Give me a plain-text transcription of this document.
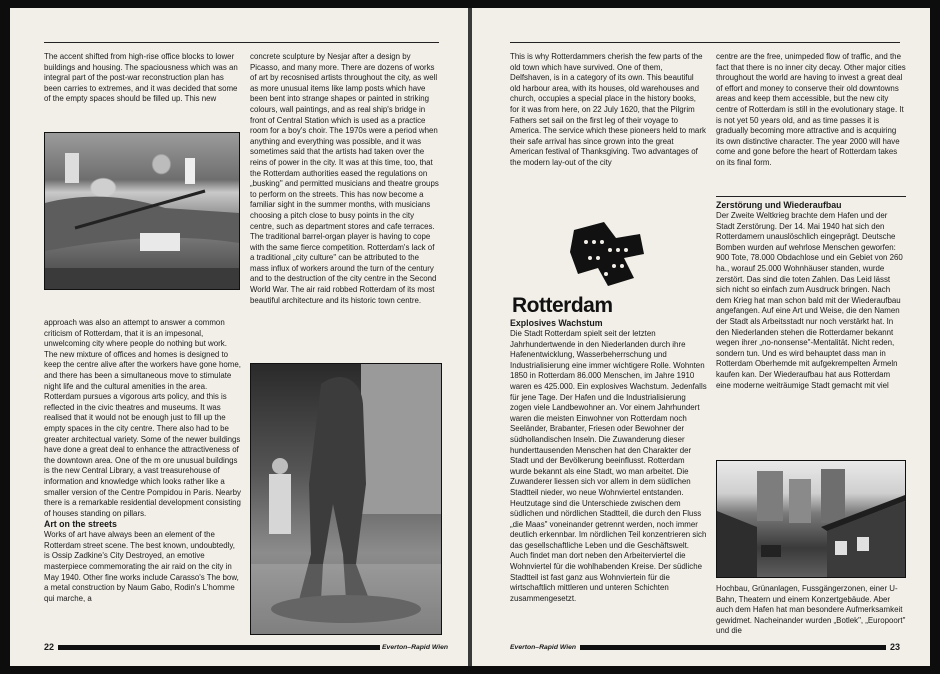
The accent shifted from high-rise office blocks to lower buildings and housing. The spaciousness which was an integral part of the post-war reconstruction plan has been carries to extremes, and it was decided that some of the empty spaces should be filled up. This new

approach was also an attempt to answer a common criticism of Rotterdam, that it is an impesonal, unwelcoming city where people do nothing but work. The new mixture of offices and homes is designed to keep the centre alive after the workers have gone home, and there has been a simultaneous move to stimulate night life and the cultural amenities in the area. Rotterdam pursues a vigorous arts policy, and this is reflected in the civic theatres and museums. It was realised that it would not be enough just to fill up the empty spaces in the city centre. There also had to be greater architectual variety. Some of the newer buildings have done a great deal to enhance the attractiveness of the downtown area. One of the m ore unusual buildings is the new Central Library, a vast treasurehouse of information and knowledge which looks rather like a smaller version of the Centre Pompidou in Paris. Nearby there is a remarkable residential development consisting of houses standing on pillars.

Art on the streets

Works of art have always been an element of the Rotterdam street scene. The best known, undoubtedly, is Ossip Zadkine's City Destroyed, an emotive masterpiece commemorating the air raid on the city in May 1940. Other fine works include Carasso's The bow, a metal construction by Naum Gabo, Rodin's L'homme qui marche, a

concrete sculpture by Nesjar after a design by Picasso, and many more. There are dozens of works of art by recosnised artists throughout the city, as well as more unusual items like lamp posts which have been bent into strange shapes or painted in striking colours, wall paintings, and as real ship's bridge in front of Central Station which is used as a practice room for a boy's choir. The 1970s were a period when anything and everything was possible, and it was sometimes said that the artists had taken over the reins of power in the city. It was at this time, too, that the Rotterdam authorities eased the regulations on „busking" and permitted musicians and theatre groups to perform on the streets. This has now become a familiar sight in the summer months, with musicians choosing a pitch close to busy points in the city centre, such as department stores and cafe terraces. The traditional barrel-organ player is having to cope with the same fierce competition. Rotterdam's lack of a traditional „city culture" can be attributed to the mass influx of workers around the turn of the century and to the destruction of the city centre in the Second World War. The air raid robbed Rotterdam of its most beautiful architecture and its historic town centre.

22	Everton–Rapid Wien

This is why Rotterdammers cherish the few parts of the old town which have survived. One of them, Delfshaven, is in a category of its own. This beautiful old harbour area, with its houses, old warehouses and church, occupies a special place in the history books, for it was from here, on 22 July 1620, that the Pilgrim Fathers set sail on the first leg of their voyage to America. The service which these pioneers held to mark their safe arrival has since grown into the great American festival of Thanksgiving. Two advantages of the modern lay-out of the city

centre are the free, unimpeded flow of traffic, and the fact that there is no inner city decay. Other major cities throughout the world are having to invest a great deal of effort and money to conserve their old downtowns areas and keep them accessible, but the new city centre of Rotterdam is still in the evolutionary stage. It is not yet 50 years old, and as time passes it is gradually becoming more attractive and is acquiring its own distinctive character. The year 2000 will have come and gone before the heart of Rotterdam takes on its final form.

Rotterdam

Explosives Wachstum

Die Stadt Rotterdam spielt seit der letzten Jahrhundertwende in den Niederlanden durch ihre Hafenentwicklung, Wasserbeherrschung und Industrialisierung eine immer wichtigere Rolle. Wohnten 1850 in Rotterdam 86.000 Menschen, im Jahre 1910 waren es 425.000. Ein explosives Wachstum. Jedenfalls für jene Tage. Der Hafen und die Industrialisierung zogen viele Landbewohner an. Vor einem Jahrhundert waren die meisten Einwohner von Rotterdam noch Seeländer, Brabanter, Friesen oder Bewohner der südhollandischen Inseln. Die Zuwanderung dieser hunderttausenden Menschen hat den Charakter der Stadt und der Bevölkerung beeinflusst. Rotterdam wurde bekannt als eine Stadt, wo man arbeitet. Die Zuwanderer liessen sich vor allem in dem südlichen Stadtteil nieder, wo neue Wohnviertel entstanden. Heutzutage sind die Unterschiede zwischen dem südlichen und nördlichen Stadtteil, die durch den Fluss „die Maas" voneinander getrennt werden, noch immer deutlich erkennbar. Im nördlichen Teil konzentrieren sich das gesellschaftliche Leben und die Geschäftswelt. Auch findet man dort neben den Arbeiterviertel die Wohnviertel für die wohlhabenden Kreise. Der südliche Stadtteil ist fast ganz aus Wohnviertein für die wirtschaftlich mittleren und unteren Schichten zusammengesetzt.

Zerstörung und Wiederaufbau

Der Zweite Weltkrieg brachte dem Hafen und der Stadt Zerstörung. Der 14. Mai 1940 hat sich den Rotterdamern unauslöschlich eingeprägt. Deutsche Bomben wurden auf wehrlose Menschen geworfen: 900 Tote, 78.000 Obdachlose und ein Gebiet von 260 ha., worauf 25.000 Wohnhäuser standen, wurde zerstört. Das sind die toten Zahlen. Das Leid lässt sich nicht so einfach zum Ausdruck bringen. Nach dem Krieg hat man schon bald mit der Wiederaufbau angefangen. Auf eine Art und Weise, die den Namen der Stadt als Arbeitsstadt nur noch verstärkt hat. In den Niederlanden stehen die Rotterdamer bekannt wegen ihrer „no-nonsense"-Mentalität. Nicht reden, sondern tun. Und es wird behauptet dass man in Rotterdam Oberhemde mit aufgekrempelten Ärmeln kaufen kan. Der Wiederaufbau hat aus Rotterdam eine moderne weiträumige Stadt gemacht mit viel

Hochbau, Grünanlagen, Fussgängerzonen, einer U-Bahn, Theatern und einem Konzertgebäude. Aber auch dem Hafen hat man besondere Aufmerksamkeit gewidmet. Nacheinander wurden „Botlek", „Europoort" und die

Everton–Rapid Wien	23
